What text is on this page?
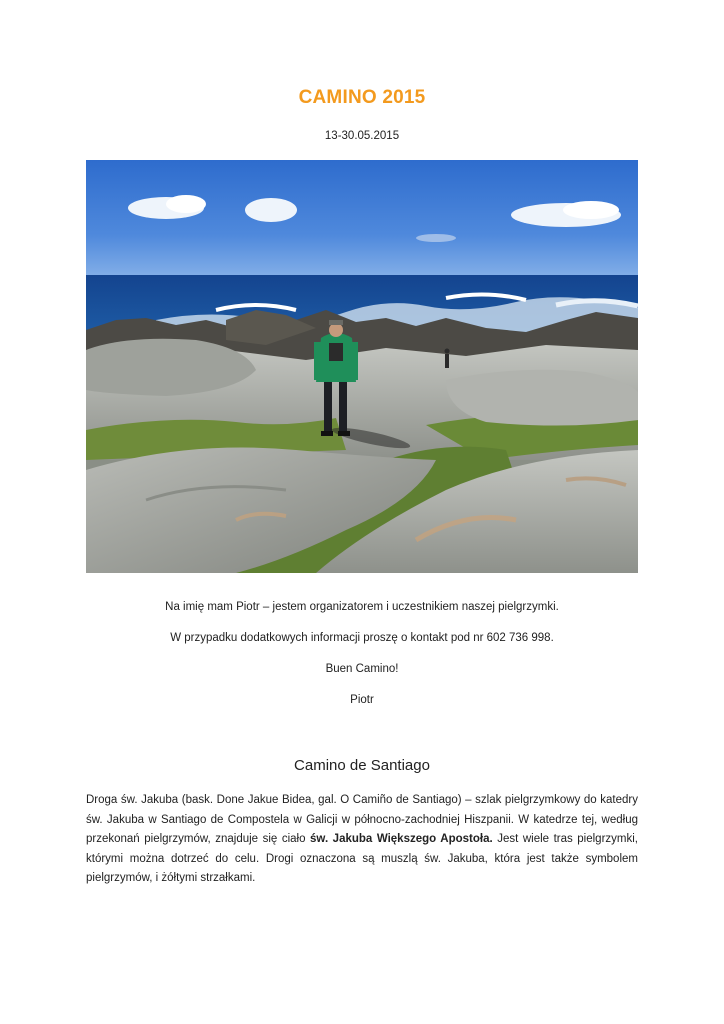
CAMINO 2015
13-30.05.2015
Na imię mam Piotr – jestem organizatorem i uczestnikiem naszej pielgrzymki.
W przypadku dodatkowych informacji proszę o kontakt pod nr 602 736 998.
Buen Camino!
Piotr
Camino de Santiago
Droga św. Jakuba (bask. Done Jakue Bidea, gal. O Camiño de Santiago) – szlak pielgrzymkowy do katedry św. Jakuba w Santiago de Compostela w Galicji w północno-zachodniej Hiszpanii. W katedrze tej, według przekonań pielgrzymów, znajduje się ciało św. Jakuba Większego Apostoła. Jest wiele tras pielgrzymki, którymi można dotrzeć do celu. Drogi oznaczona są muszlą św. Jakuba, która jest także symbolem pielgrzymów, i żółtymi strzałkami.
